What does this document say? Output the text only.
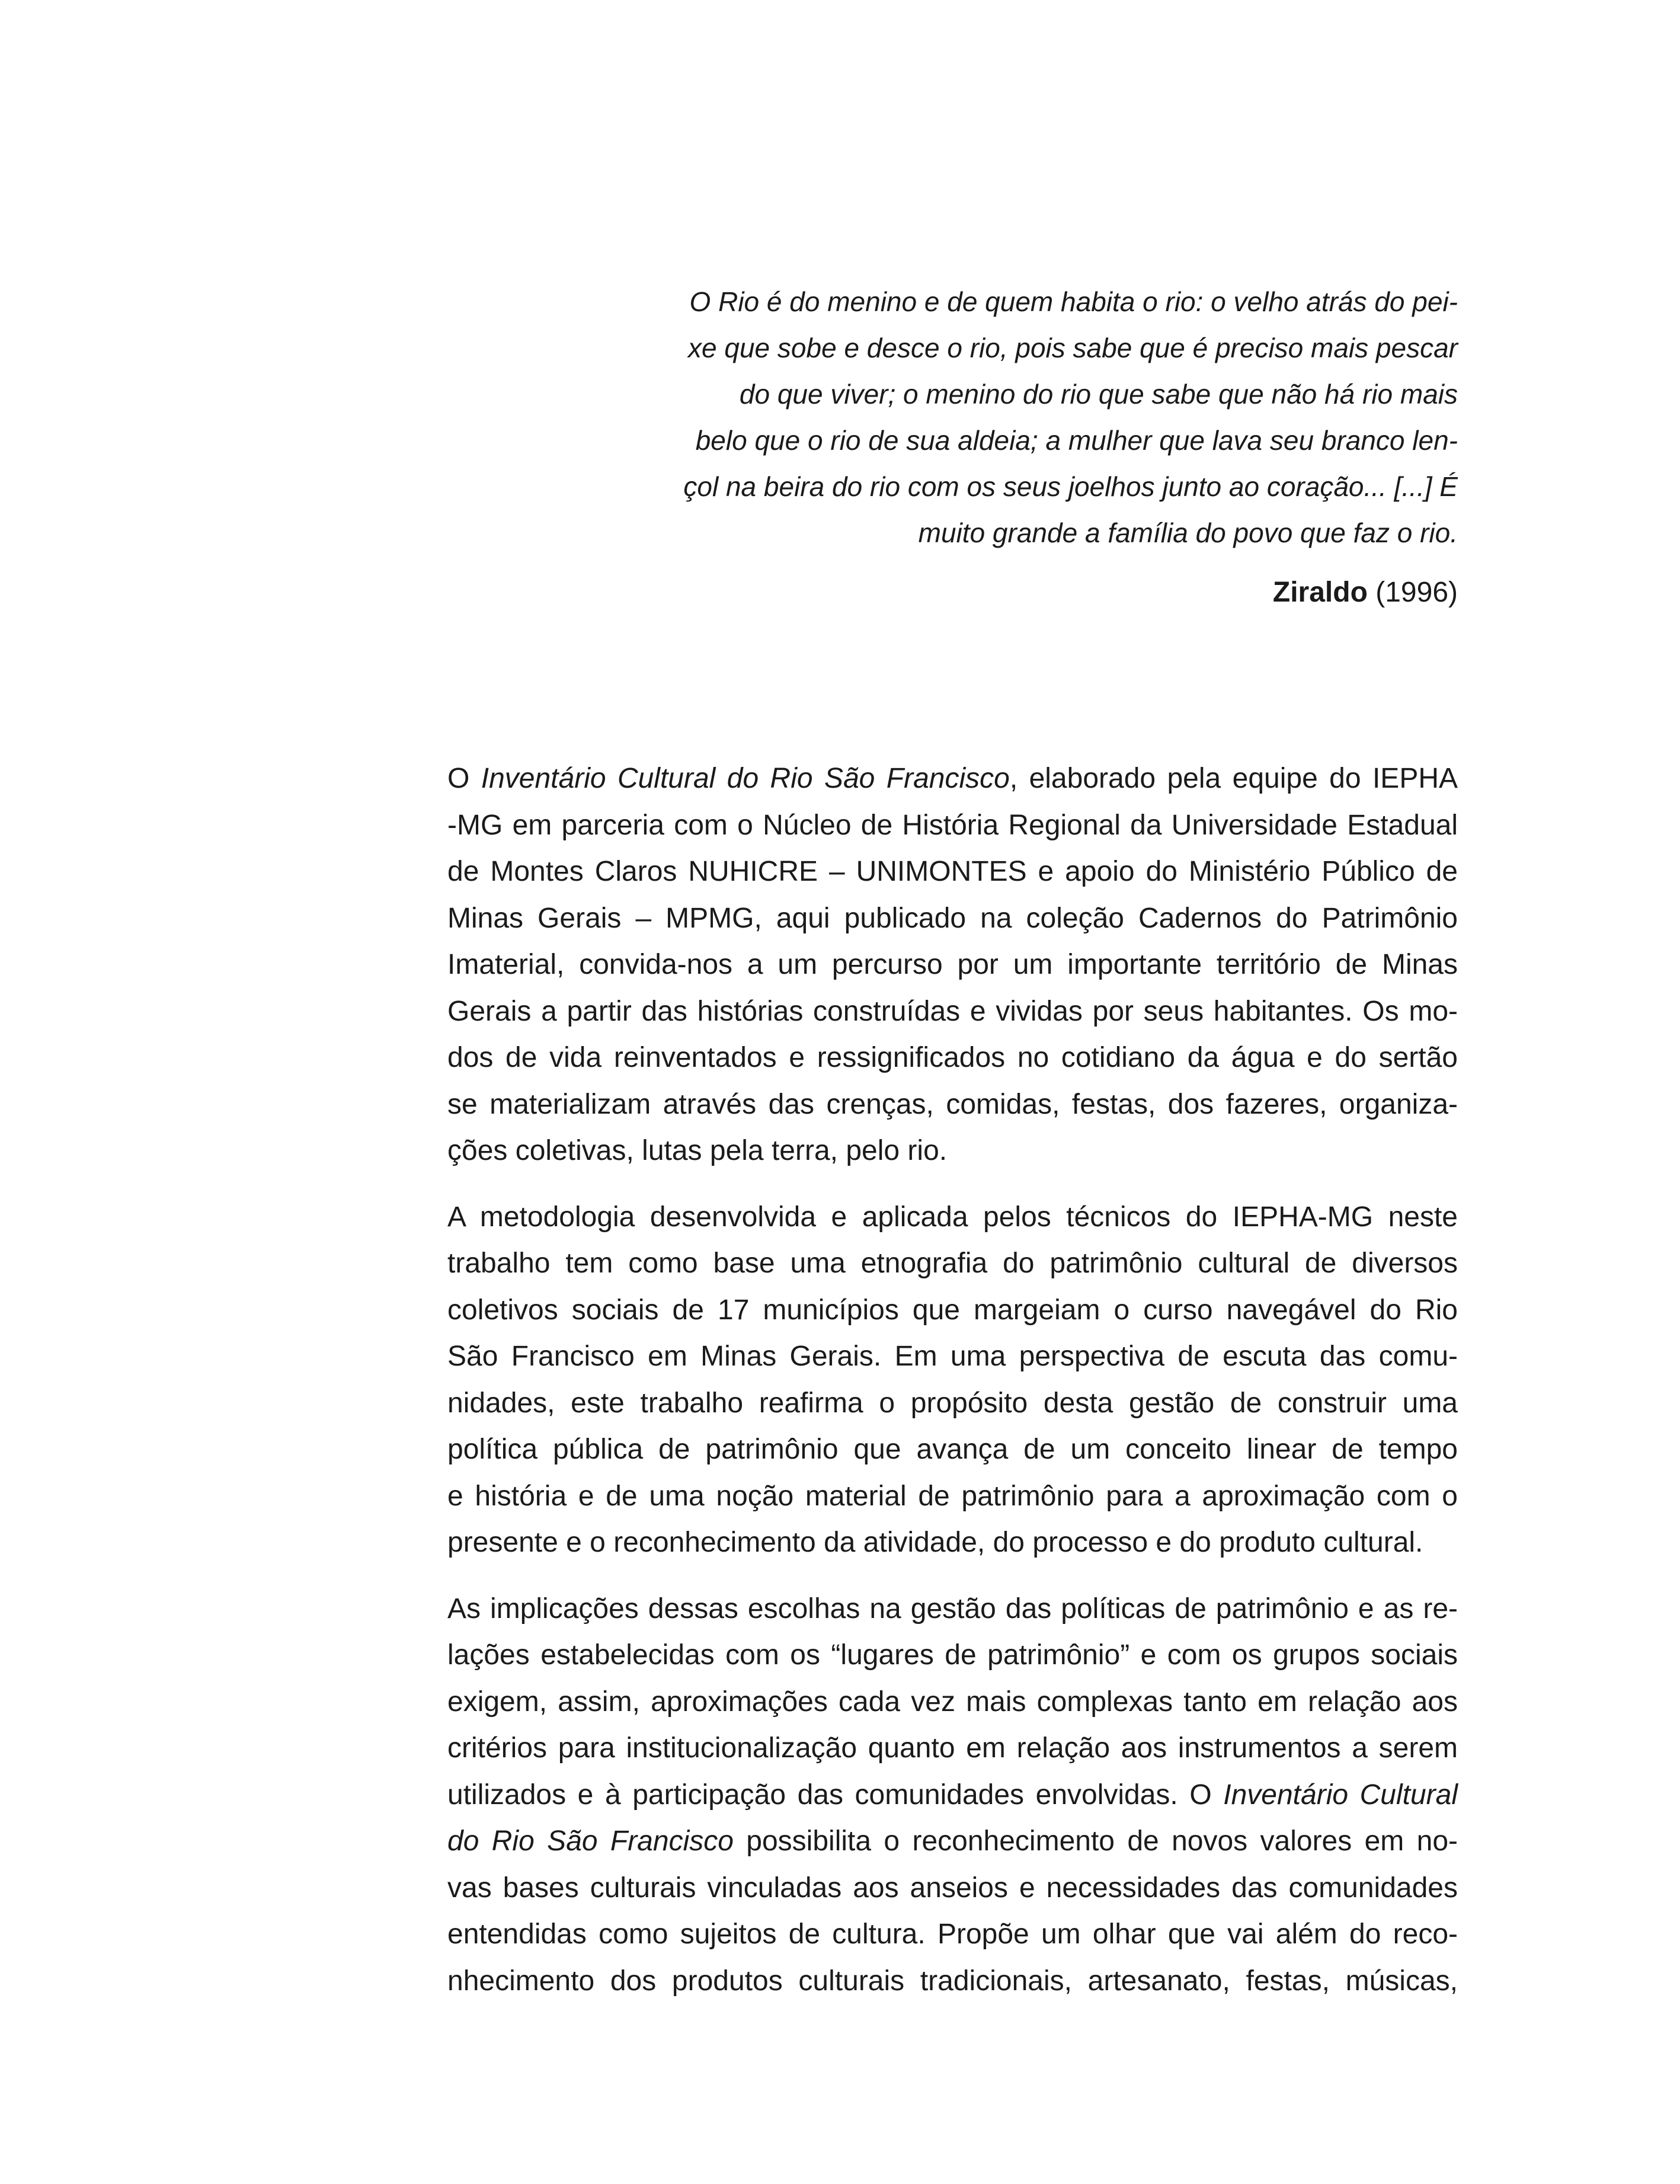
O Rio é do menino e de quem habita o rio: o velho atrás do pei-
xe que sobe e desce o rio, pois sabe que é preciso mais pescar
do que viver; o menino do rio que sabe que não há rio mais
belo que o rio de sua aldeia; a mulher que lava seu branco len-
çol na beira do rio com os seus joelhos junto ao coração... [...] É
muito grande a família do povo que faz o rio.
Ziraldo (1996)
O Inventário Cultural do Rio São Francisco, elaborado pela equipe do IEPHA
-MG em parceria com o Núcleo de História Regional da Universidade Estadual
de Montes Claros NUHICRE – UNIMONTES e apoio do Ministério Público de
Minas Gerais – MPMG, aqui publicado na coleção Cadernos do Patrimônio
Imaterial, convida-nos a um percurso por um importante território de Minas
Gerais a partir das histórias construídas e vividas por seus habitantes. Os mo-
dos de vida reinventados e ressignificados no cotidiano da água e do sertão
se materializam através das crenças, comidas, festas, dos fazeres, organiza-
ções coletivas, lutas pela terra, pelo rio.
A metodologia desenvolvida e aplicada pelos técnicos do IEPHA-MG neste
trabalho tem como base uma etnografia do patrimônio cultural de diversos
coletivos sociais de 17 municípios que margeiam o curso navegável do Rio
São Francisco em Minas Gerais. Em uma perspectiva de escuta das comu-
nidades, este trabalho reafirma o propósito desta gestão de construir uma
política pública de patrimônio que avança de um conceito linear de tempo
e história e de uma noção material de patrimônio para a aproximação com o
presente e o reconhecimento da atividade, do processo e do produto cultural.
As implicações dessas escolhas na gestão das políticas de patrimônio e as re-
lações estabelecidas com os “lugares de patrimônio” e com os grupos sociais
exigem, assim, aproximações cada vez mais complexas tanto em relação aos
critérios para institucionalização quanto em relação aos instrumentos a serem
utilizados e à participação das comunidades envolvidas. O Inventário Cultural
do Rio São Francisco possibilita o reconhecimento de novos valores em no-
vas bases culturais vinculadas aos anseios e necessidades das comunidades
entendidas como sujeitos de cultura. Propõe um olhar que vai além do reco-
nhecimento dos produtos culturais tradicionais, artesanato, festas, músicas,
